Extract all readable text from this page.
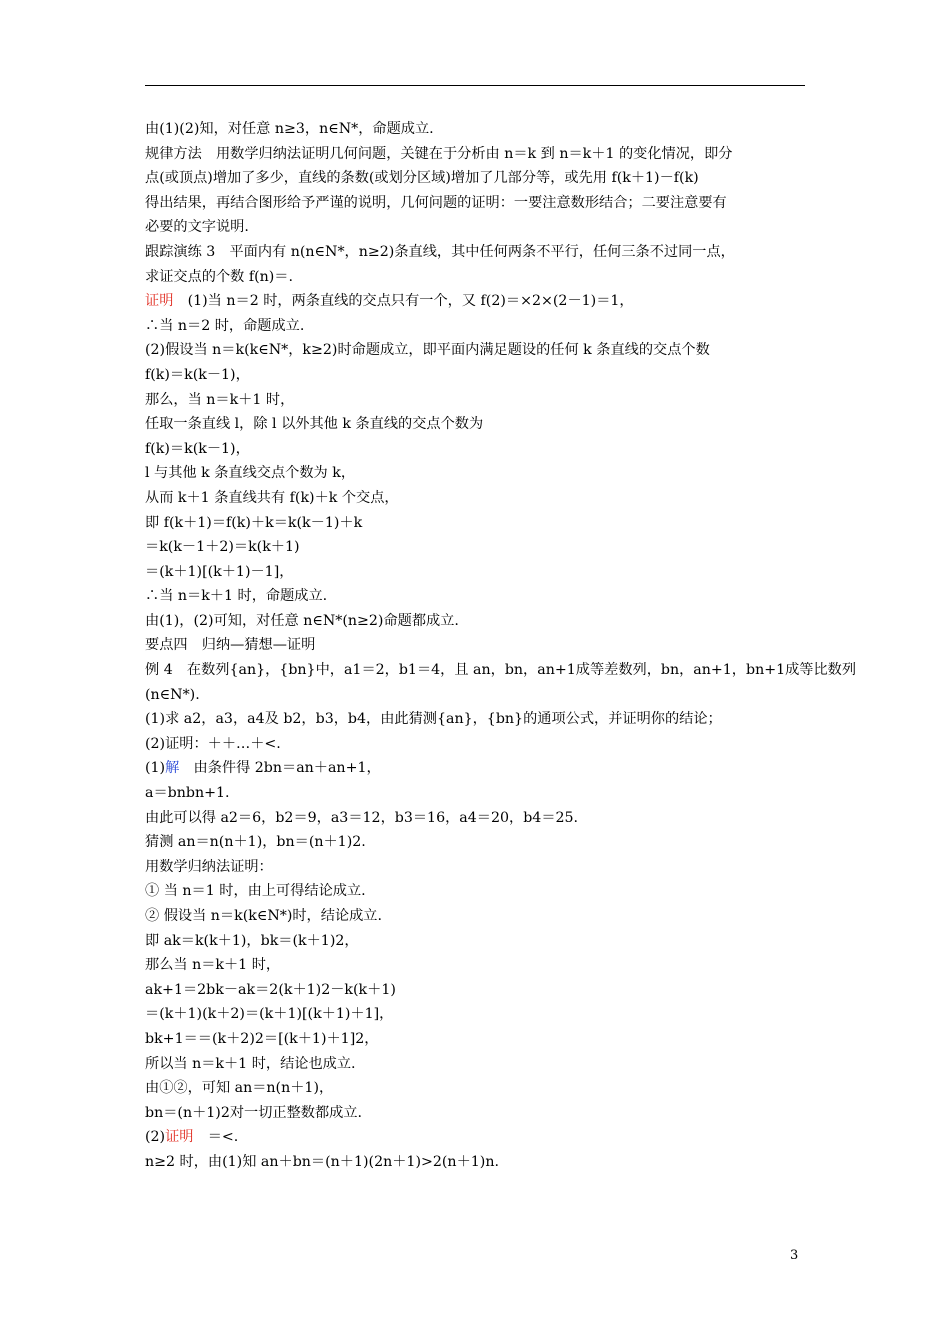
由(1)(2)知，对任意 n≥3，n∈N*，命题成立.
规律方法　用数学归纳法证明几何问题，关键在于分析由 n＝k 到 n＝k＋1 的变化情况，即分
点(或顶点)增加了多少，直线的条数(或划分区域)增加了几部分等，或先用 f(k＋1)－f(k)
得出结果，再结合图形给予严谨的说明，几何问题的证明：一要注意数形结合；二要注意要有
必要的文字说明.
跟踪演练 3　平面内有 n(n∈N*，n≥2)条直线，其中任何两条不平行，任何三条不过同一点，
求证交点的个数 f(n)＝.
证明　(1)当 n＝2 时，两条直线的交点只有一个，又 f(2)＝×2×(2－1)＝1，
∴当 n＝2 时，命题成立.
(2)假设当 n＝k(k∈N*，k≥2)时命题成立，即平面内满足题设的任何 k 条直线的交点个数
f(k)＝k(k－1)，
那么，当 n＝k＋1 时，
任取一条直线 l，除 l 以外其他 k 条直线的交点个数为
f(k)＝k(k－1)，
l 与其他 k 条直线交点个数为 k，
从而 k＋1 条直线共有 f(k)＋k 个交点，
即 f(k＋1)＝f(k)＋k＝k(k－1)＋k
＝k(k－1＋2)＝k(k＋1)
＝(k＋1)[(k＋1)－1]，
∴当 n＝k＋1 时，命题成立.
由(1)，(2)可知，对任意 n∈N*(n≥2)命题都成立.
要点四　归纳—猜想—证明
例 4　在数列{an}，{bn}中，a1＝2，b1＝4，且 an，bn，an+1成等差数列，bn，an+1，bn+1成等比数列
(n∈N*).
(1)求 a2，a3，a4及 b2，b3，b4，由此猜测{an}，{bn}的通项公式，并证明你的结论；
(2)证明：＋＋…＋<.
(1)解　由条件得 2bn＝an＋an+1，
a＝bnbn+1.
由此可以得 a2＝6，b2＝9，a3＝12，b3＝16，a4＝20，b4＝25.
猜测 an＝n(n＋1)，bn＝(n＋1)2.
用数学归纳法证明：
① 当 n＝1 时，由上可得结论成立.
② 假设当 n＝k(k∈N*)时，结论成立.
即 ak＝k(k＋1)，bk＝(k＋1)2，
那么当 n＝k＋1 时，
ak+1＝2bk－ak＝2(k＋1)2－k(k＋1)
＝(k＋1)(k＋2)＝(k＋1)[(k＋1)＋1]，
bk+1＝＝(k＋2)2＝[(k＋1)＋1]2，
所以当 n＝k＋1 时，结论也成立.
由①②，可知 an＝n(n＋1)，
bn＝(n＋1)2对一切正整数都成立.
(2)证明　＝<.
n≥2 时，由(1)知 an＋bn＝(n＋1)(2n＋1)>2(n＋1)n.
3
